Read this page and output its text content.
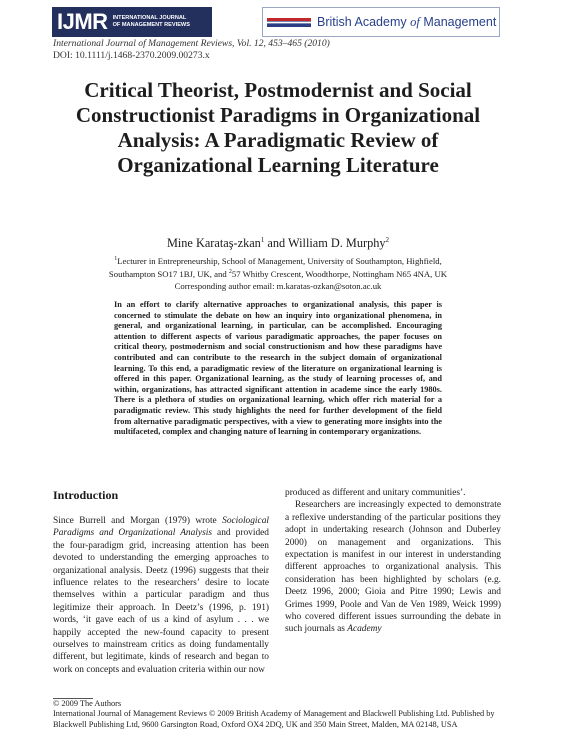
IJMR INTERNATIONAL JOURNAL
OF MANAGEMENT REVIEWS	British Academy of Management
International Journal of Management Reviews, Vol. 12, 453–465 (2010)
DOI: 10.1111/j.1468-2370.2009.00273.x
Critical Theorist, Postmodernist and Social Constructionist Paradigms in Organizational Analysis: A Paradigmatic Review of Organizational Learning Literature
Mine Karataş-zkan$^1$ and William D. Murphy$^2$
$^1$Lecturer in Entrepreneurship, School of Management, University of Southampton, Highfield,
Southampton SO17 1BJ, UK, and $^2$57 Whitby Crescent, Woodthorpe, Nottingham N65 4NA, UK
Corresponding author email: m.karatas-ozkan@soton.ac.uk
In an effort to clarify alternative approaches to organizational analysis, this paper is concerned to stimulate the debate on how an inquiry into organizational phenomena, in general, and organizational learning, in particular, can be accomplished. Encouraging attention to different aspects of various paradigmatic approaches, the paper focuses on critical theory, postmodernism and social constructionism and how these paradigms have contributed and can contribute to the research in the subject domain of organizational learning. To this end, a paradigmatic review of the literature on organizational learning is offered in this paper. Organizational learning, as the study of learning processes of, and within, organizations, has attracted significant attention in academe since the early 1980s. There is a plethora of studies on organizational learning, which offer rich material for a paradigmatic review. This study highlights the need for further development of the field from alternative paradigmatic perspectives, with a view to generating more insights into the multifaceted, complex and changing nature of learning in contemporary organizations.
Introduction

Since Burrell and Morgan (1979) wrote Sociological Paradigms and Organizational Analysis and provided the four-paradigm grid, increasing attention has been devoted to understanding the emerging approaches to organizational analysis. Deetz (1996) suggests that their influence relates to the researchers’ desire to locate themselves within a particular paradigm and thus legitimize their approach. In Deetz’s (1996, p. 191) words, ‘it gave each of us a kind of asylum . . . we happily accepted the new-found capacity to present ourselves to mainstream critics as doing fundamentally different, but legitimate, kinds of research and began to work on concepts and evaluation criteria within our now

produced as different and unitary communities’.

Researchers are increasingly expected to demonstrate a reflexive understanding of the particular positions they adopt in undertaking research (Johnson and Duberley 2000) on management and organizations. This expectation is manifest in our interest in understanding different approaches to organizational analysis. This consideration has been highlighted by scholars (e.g. Deetz 1996, 2000; Gioia and Pitre 1990; Lewis and Grimes 1999, Poole and Van de Ven 1989, Weick 1999) who covered different issues surrounding the debate in such journals as Academy

© 2009 The Authors
International Journal of Management Reviews © 2009 British Academy of Management and Blackwell Publishing Ltd. Published by Blackwell Publishing Ltd, 9600 Garsington Road, Oxford OX4 2DQ, UK and 350 Main Street, Malden, MA 02148, USA
